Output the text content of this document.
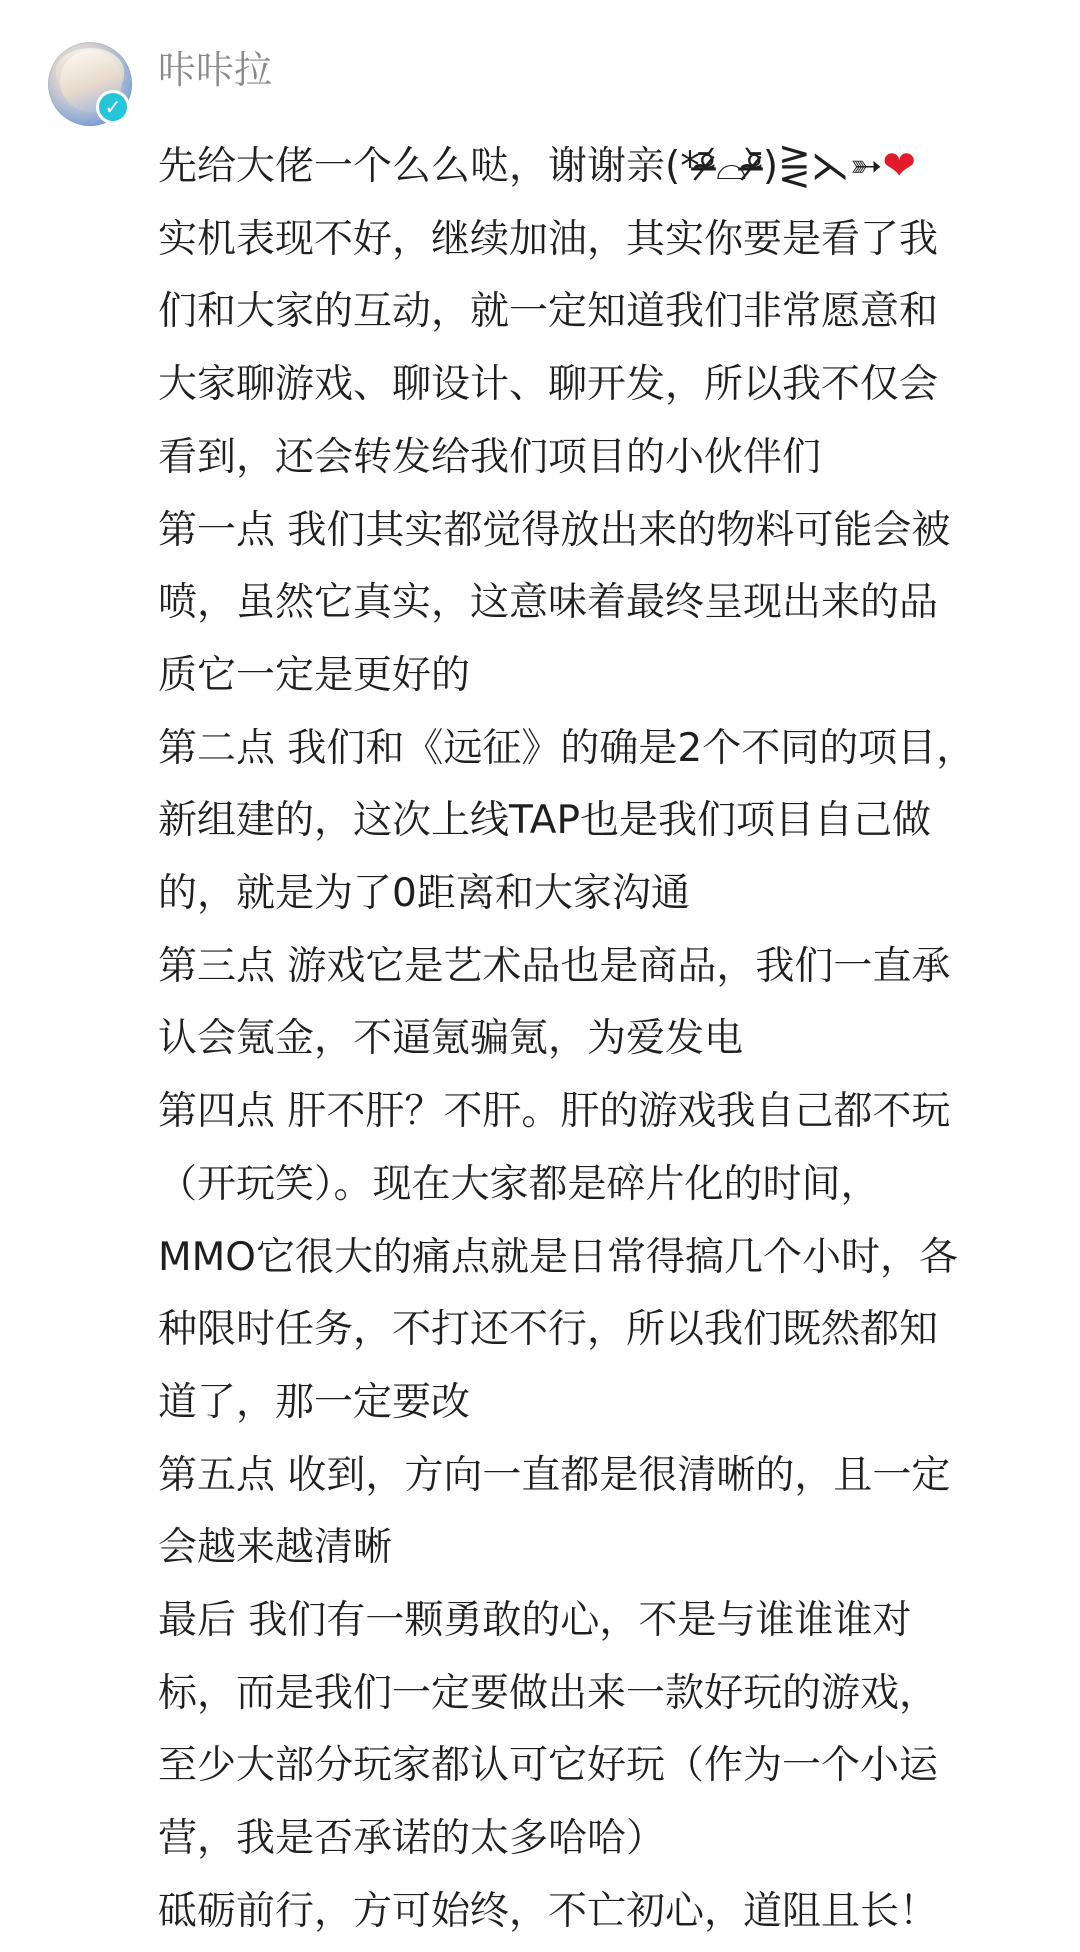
✓
咔咔拉
先给大佬一个么么哒，谢谢亲(*ᵒ̴̶̷᷄⌓ᵒ̴̶̷᷅)⋛⋋➳❤
实机表现不好，继续加油，其实你要是看了我
们和大家的互动，就一定知道我们非常愿意和
大家聊游戏、聊设计、聊开发，所以我不仅会
看到，还会转发给我们项目的小伙伴们
第一点 我们其实都觉得放出来的物料可能会被
喷，虽然它真实，这意味着最终呈现出来的品
质它一定是更好的
第二点 我们和《远征》的确是2个不同的项目，
新组建的，这次上线TAP也是我们项目自己做
的，就是为了0距离和大家沟通
第三点 游戏它是艺术品也是商品，我们一直承
认会氪金，不逼氪骗氪，为爱发电
第四点 肝不肝？不肝。肝的游戏我自己都不玩
（开玩笑）。现在大家都是碎片化的时间，
MMO它很大的痛点就是日常得搞几个小时，各
种限时任务，不打还不行，所以我们既然都知
道了，那一定要改
第五点 收到，方向一直都是很清晰的，且一定
会越来越清晰
最后 我们有一颗勇敢的心，不是与谁谁谁对
标，而是我们一定要做出来一款好玩的游戏，
至少大部分玩家都认可它好玩（作为一个小运
营，我是否承诺的太多哈哈）
砥砺前行，方可始终，不亡初心，道阻且长！
